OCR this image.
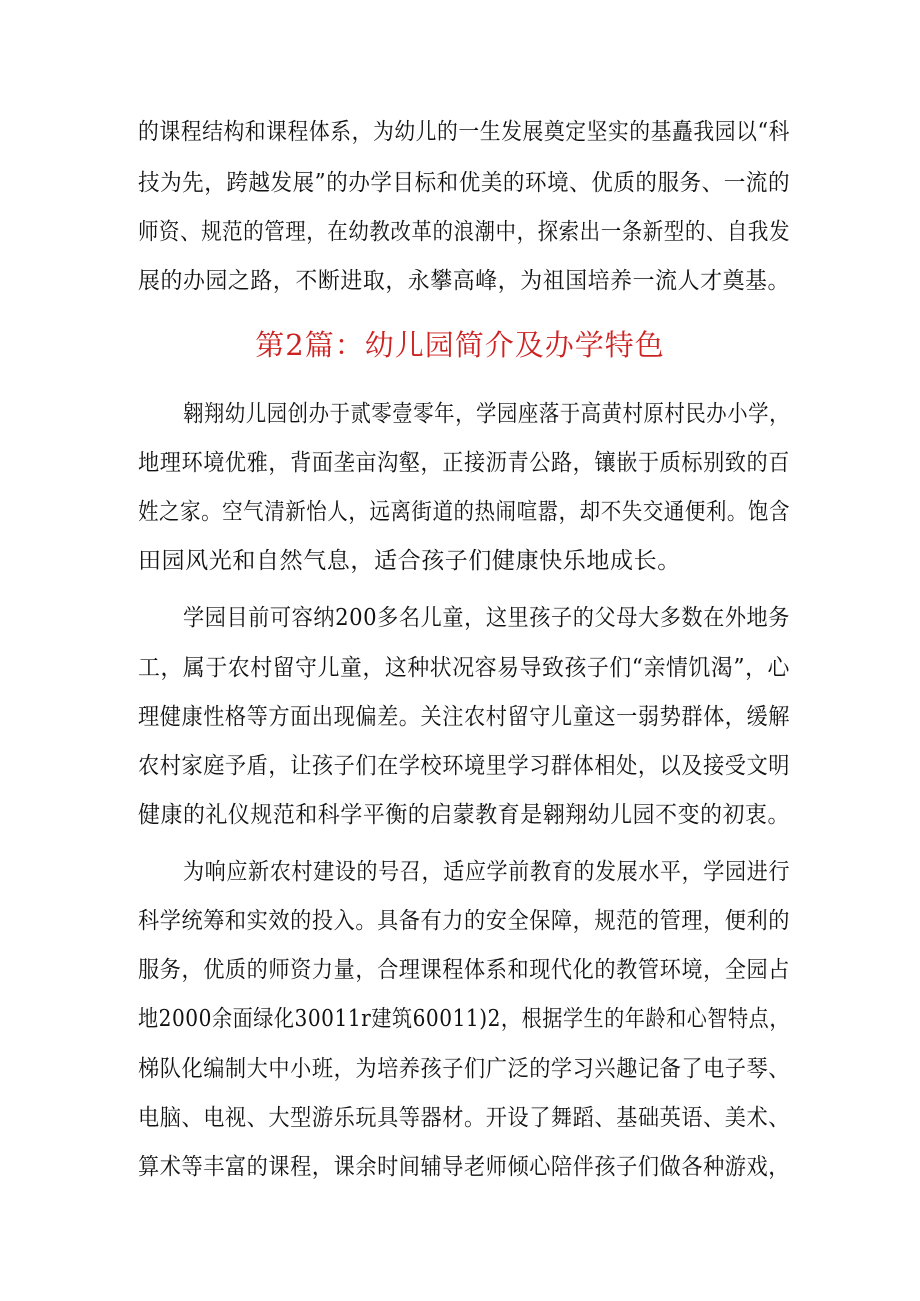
的课程结构和课程体系，为幼儿的一生发展奠定坚实的基矗我园以“科
技为先，跨越发展”的办学目标和优美的环境、优质的服务、一流的
师资、规范的管理，在幼教改革的浪潮中，探索出一条新型的、自我发
展的办园之路，不断进取，永攀高峰，为祖国培养一流人才奠基。
第2篇：幼儿园简介及办学特色
翱翔幼儿园创办于贰零壹零年，学园座落于高黄村原村民办小学，
地理环境优雅，背面垄亩沟壑，正接沥青公路，镶嵌于质标别致的百
姓之家。空气清新怡人，远离街道的热闹喧嚣，却不失交通便利。饱含
田园风光和自然气息，适合孩子们健康快乐地成长。
学园目前可容纳200多名儿童，这里孩子的父母大多数在外地务
工，属于农村留守儿童，这种状况容易导致孩子们“亲情饥渴”，心
理健康性格等方面出现偏差。关注农村留守儿童这一弱势群体，缓解
农村家庭予盾，让孩子们在学校环境里学习群体相处，以及接受文明
健康的礼仪规范和科学平衡的启蒙教育是翱翔幼儿园不变的初衷。
为响应新农村建设的号召，适应学前教育的发展水平，学园进行
科学统筹和实效的投入。具备有力的安全保障，规范的管理，便利的
服务，优质的师资力量，合理课程体系和现代化的教管环境，全园占
地2000余面绿化30011r建筑60011)2，根据学生的年龄和心智特点，
梯队化编制大中小班，为培养孩子们广泛的学习兴趣记备了电子琴、
电脑、电视、大型游乐玩具等器材。开设了舞蹈、基础英语、美术、
算术等丰富的课程，课余时间辅导老师倾心陪伴孩子们做各种游戏，
